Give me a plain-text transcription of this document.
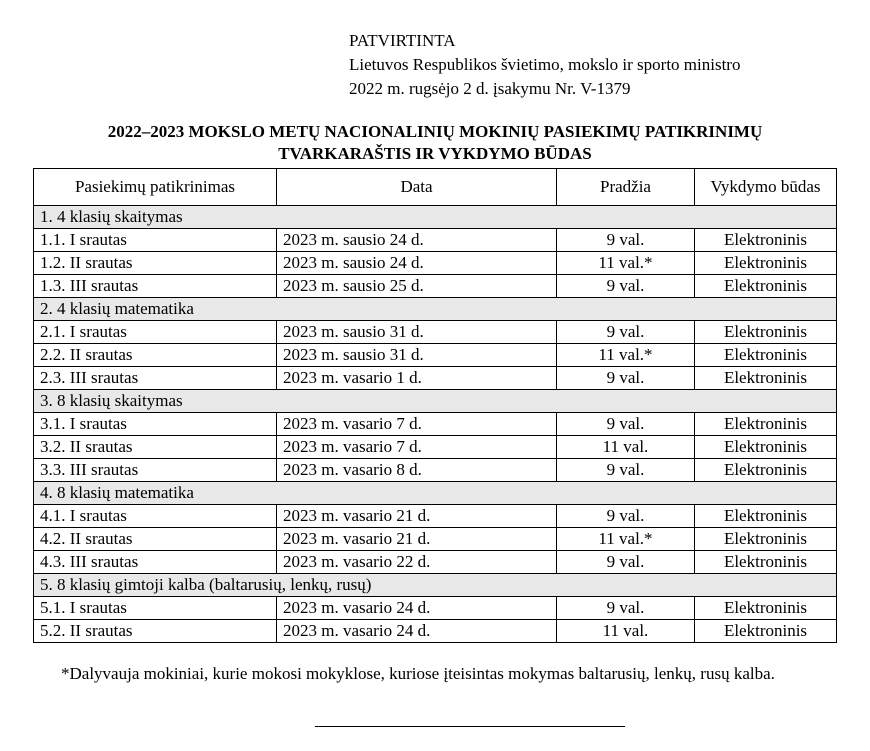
PATVIRTINTA
Lietuvos Respublikos švietimo, mokslo ir sporto ministro
2022 m. rugsėjo 2 d. įsakymu Nr. V-1379
2022–2023 MOKSLO METŲ NACIONALINIŲ MOKINIŲ PASIEKIMŲ PATIKRINIMŲ
TVARKARAŠTIS IR VYKDYMO BŪDAS
Pasiekimų patikrinimas	Data	Pradžia	Vykdymo būdas
1. 4 klasių skaitymas			
1.1. I srautas	2023 m. sausio 24 d.	9 val.	Elektroninis
1.2. II srautas	2023 m. sausio 24 d.	11 val.*	Elektroninis
1.3. III srautas	2023 m. sausio 25 d.	9 val.	Elektroninis
2. 4 klasių matematika			
2.1. I srautas	2023 m. sausio 31 d.	9 val.	Elektroninis
2.2. II srautas	2023 m. sausio 31 d.	11 val.*	Elektroninis
2.3. III srautas	2023 m. vasario 1 d.	9 val.	Elektroninis
3. 8 klasių skaitymas			
3.1. I srautas	2023 m. vasario 7 d.	9 val.	Elektroninis
3.2. II srautas	2023 m. vasario 7 d.	11 val.	Elektroninis
3.3. III srautas	2023 m. vasario 8 d.	9 val.	Elektroninis
4. 8 klasių matematika			
4.1. I srautas	2023 m. vasario 21 d.	9 val.	Elektroninis
4.2. II srautas	2023 m. vasario 21 d.	11 val.*	Elektroninis
4.3. III srautas	2023 m. vasario 22 d.	9 val.	Elektroninis
5. 8 klasių gimtoji kalba (baltarusių, lenkų, rusų)			
5.1. I srautas	2023 m. vasario 24 d.	9 val.	Elektroninis
5.2. II srautas	2023 m. vasario 24 d.	11 val.	Elektroninis
*Dalyvauja mokiniai, kurie mokosi mokyklose, kuriose įteisintas mokymas baltarusių, lenkų, rusų kalba.
